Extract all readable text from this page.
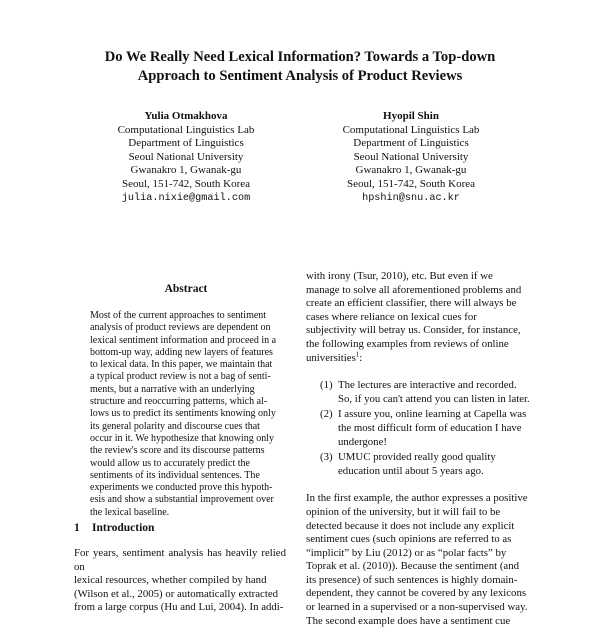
Do We Really Need Lexical Information? Towards a Top-down
Approach to Sentiment Analysis of Product Reviews
Yulia Otmakhova
Computational Linguistics Lab
Department of Linguistics
Seoul National University
Gwanakro 1, Gwanak-gu
Seoul, 151-742, South Korea
julia.nixie@gmail.com
Hyopil Shin
Computational Linguistics Lab
Department of Linguistics
Seoul National University
Gwanakro 1, Gwanak-gu
Seoul, 151-742, South Korea
hpshin@snu.ac.kr
Abstract
Most of the current approaches to sentiment
analysis of product reviews are dependent on
lexical sentiment information and proceed in a
bottom-up way, adding new layers of features
to lexical data. In this paper, we maintain that
a typical product review is not a bag of senti-
ments, but a narrative with an underlying
structure and reoccurring patterns, which al-
lows us to predict its sentiments knowing only
its general polarity and discourse cues that
occur in it. We hypothesize that knowing only
the review's score and its discourse patterns
would allow us to accurately predict the
sentiments of its individual sentences. The
experiments we conducted prove this hypoth-
esis and show a substantial improvement over
the lexical baseline.
1 Introduction
For years, sentiment analysis has heavily relied on
lexical resources, whether compiled by hand
(Wilson et al., 2005) or automatically extracted
from a large corpus (Hu and Lui, 2004). In addi-
with irony (Tsur, 2010), etc. But even if we
manage to solve all aforementioned problems and
create an efficient classifier, there will always be
cases where reliance on lexical cues for
subjectivity will betray us. Consider, for instance,
the following examples from reviews of online
universities$^1$:
(1) The lectures are interactive and recorded. So, if you can't attend you can listen in later.
(2) I assure you, online learning at Capella was the most difficult form of education I have undergone!
(3) UMUC provided really good quality education until about 5 years ago.
In the first example, the author expresses a positive
opinion of the university, but it will fail to be
detected because it does not include any explicit
sentiment cues (such opinions are referred to as
“implicit” by Liu (2012) or as “polar facts” by
Toprak et al. (2010)). Because the sentiment (and
its presence) of such sentences is highly domain-
dependent, they cannot be covered by any lexicons
or learned in a supervised or a non-supervised way.
The second example does have a sentiment cue
